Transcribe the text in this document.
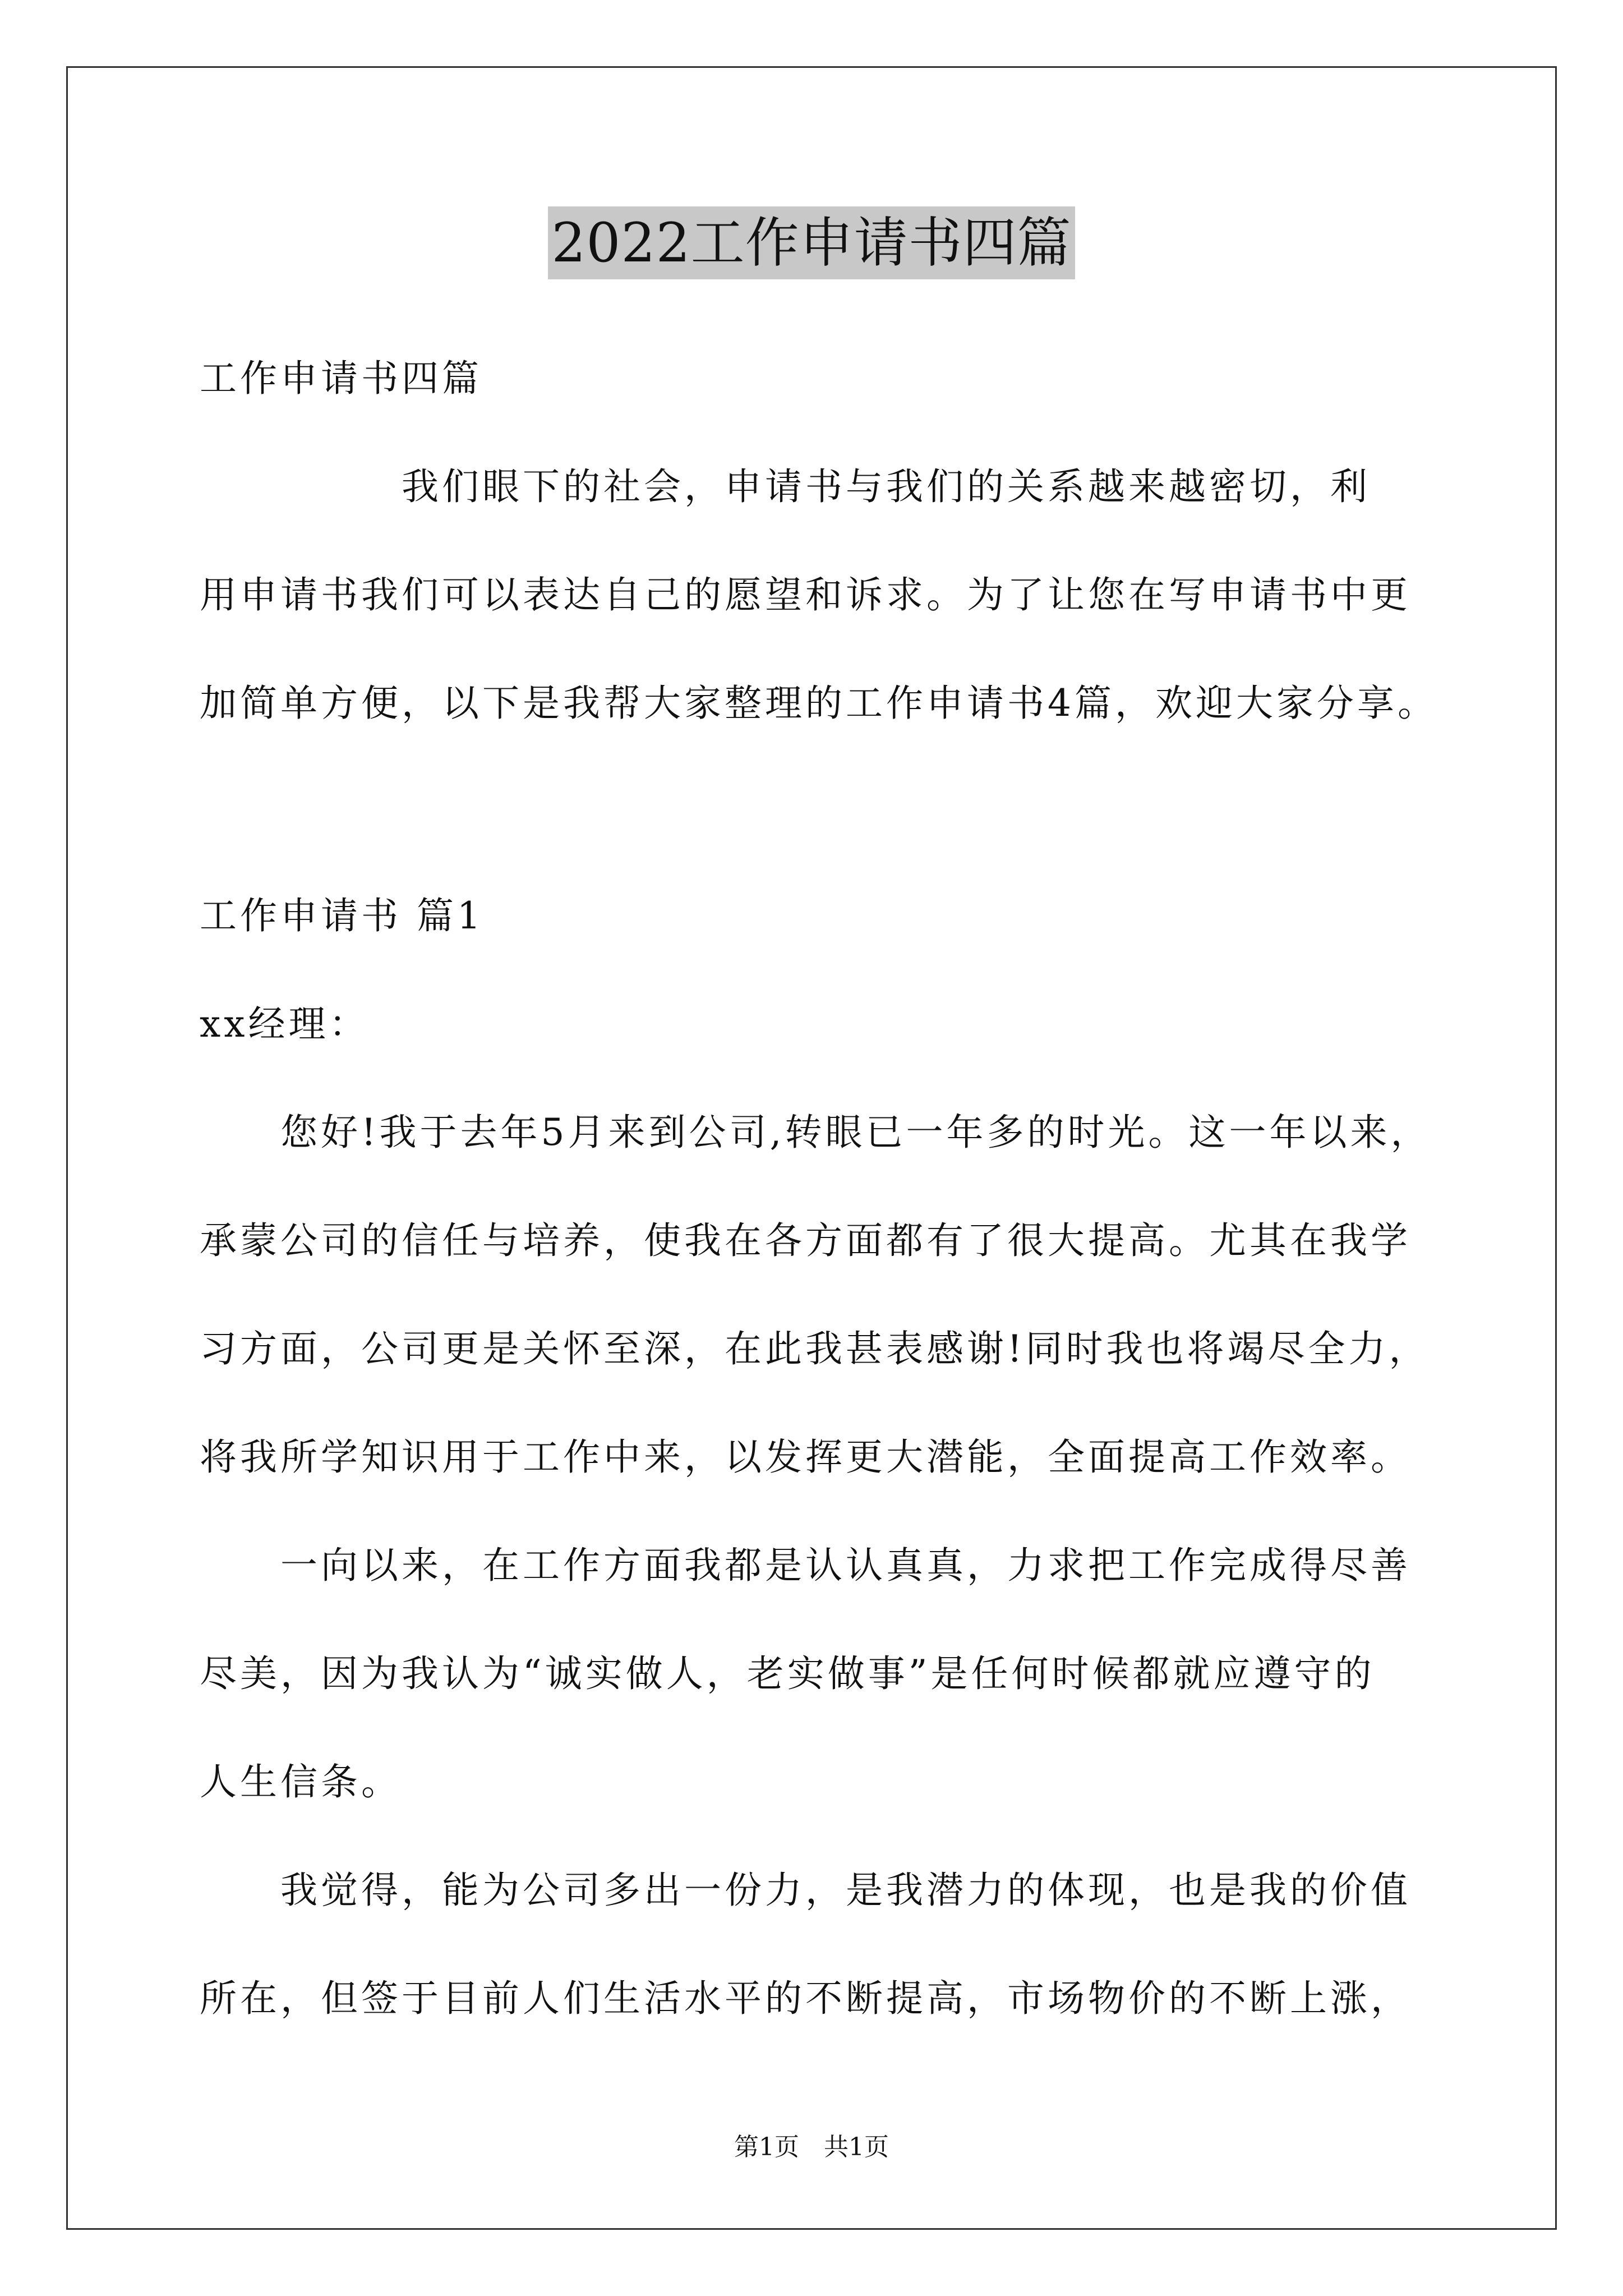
2022工作申请书四篇
工作申请书四篇
　　　　　我们眼下的社会，申请书与我们的关系越来越密切，利
用申请书我们可以表达自己的愿望和诉求。为了让您在写申请书中更
加简单方便，以下是我帮大家整理的工作申请书4篇，欢迎大家分享。
工作申请书 篇1
xx经理：
　　您好!我于去年5月来到公司,转眼已一年多的时光。这一年以来，
承蒙公司的信任与培养，使我在各方面都有了很大提高。尤其在我学
习方面，公司更是关怀至深，在此我甚表感谢!同时我也将竭尽全力，
将我所学知识用于工作中来，以发挥更大潜能，全面提高工作效率。
　　一向以来，在工作方面我都是认认真真，力求把工作完成得尽善
尽美，因为我认为“诚实做人，老实做事”是任何时候都就应遵守的
人生信条。
　　我觉得，能为公司多出一份力，是我潜力的体现，也是我的价值
所在，但签于目前人们生活水平的不断提高，市场物价的不断上涨，
第1页　共1页
